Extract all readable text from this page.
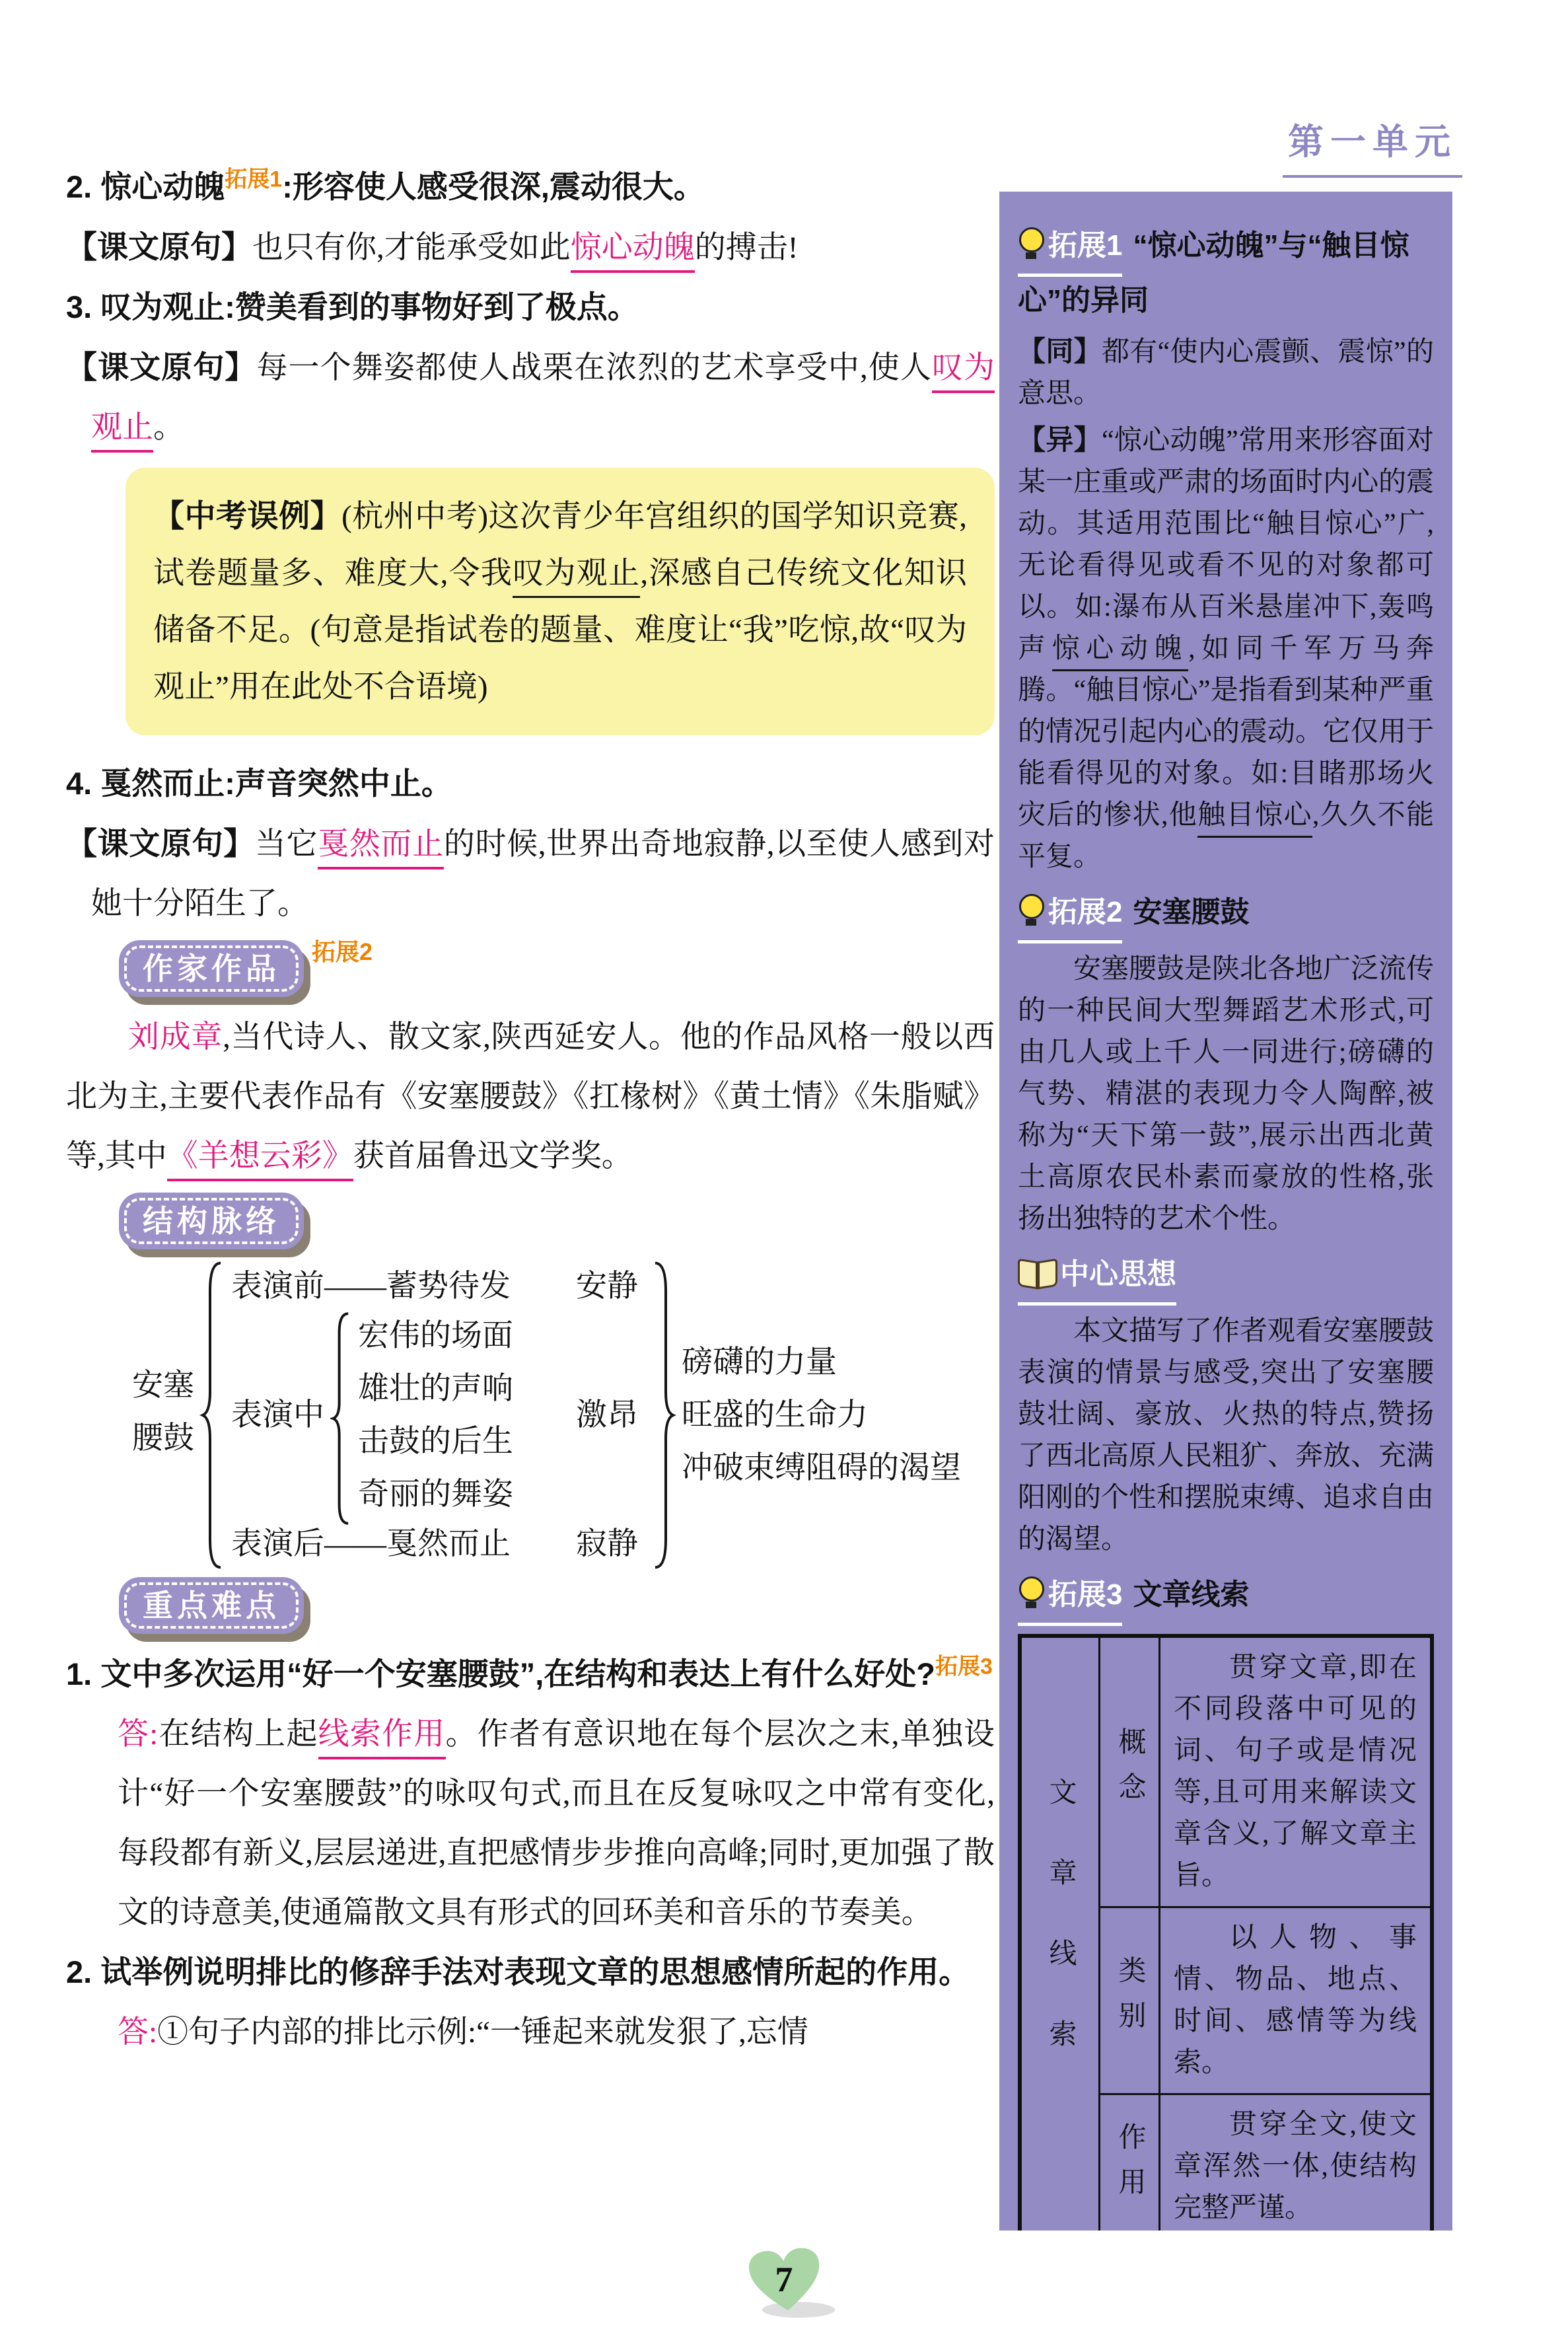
第一单元
2. 惊心动魄$^{拓展1}$:形容使人感受很深,震动很大。
【课文原句】也只有你,才能承受如此惊心动魄的搏击!
3. 叹为观止:赞美看到的事物好到了极点。
【课文原句】每一个舞姿都使人战栗在浓烈的艺术享受中,使人叹为观止。
【中考误例】(杭州中考)这次青少年宫组织的国学知识竞赛,试卷题量多、难度大,令我叹为观止,深感自己传统文化知识储备不足。(句意是指试卷的题量、难度让“我”吃惊,故“叹为观止”用在此处不合语境)
4. 戛然而止:声音突然中止。
【课文原句】当它戛然而止的时候,世界出奇地寂静,以至使人感到对她十分陌生了。
作家作品 拓展2
刘成章,当代诗人、散文家,陕西延安人。他的作品风格一般以西北为主,主要代表作品有《安塞腰鼓》《扛椽树》《黄土情》《朱脂赋》等,其中《羊想云彩》获首届鲁迅文学奖。
结构脉络
安塞
腰鼓
表演前——蓄势待发
表演中
宏伟的场面
雄壮的声响
击鼓的后生
奇丽的舞姿
表演后——戛然而止
安静
激昂
寂静
磅礴的力量
旺盛的生命力
冲破束缚阻碍的渴望
重点难点
1. 文中多次运用“好一个安塞腰鼓”,在结构和表达上有什么好处?$^{拓展3}$
答:在结构上起线索作用。作者有意识地在每个层次之末,单独设计“好一个安塞腰鼓”的咏叹句式,而且在反复咏叹之中常有变化,每段都有新义,层层递进,直把感情步步推向高峰;同时,更加强了散文的诗意美,使通篇散文具有形式的回环美和音乐的节奏美。
2. 试举例说明排比的修辞手法对表现文章的思想感情所起的作用。
答:①句子内部的排比示例:“一锤起来就发狠了,忘情
拓展1 “惊心动魄”与“触目惊心”的异同

【同】都有“使内心震颤、震惊”的意思。

【异】“惊心动魄”常用来形容面对某一庄重或严肃的场面时内心的震动。其适用范围比“触目惊心”广,无论看得见或看不见的对象都可以。如:瀑布从百米悬崖冲下,轰鸣声惊心动魄,如同千军万马奔腾。“触目惊心”是指看到某种严重的情况引起内心的震动。它仅用于能看得见的对象。如:目睹那场火灾后的惨状,他触目惊心,久久不能平复。

拓展2 安塞腰鼓

安塞腰鼓是陕北各地广泛流传的一种民间大型舞蹈艺术形式,可由几人或上千人一同进行;磅礴的气势、精湛的表现力令人陶醉,被称为“天下第一鼓”,展示出西北黄土高原农民朴素而豪放的性格,张扬出独特的艺术个性。

中心思想

本文描写了作者观看安塞腰鼓表演的情景与感受,突出了安塞腰鼓壮阔、豪放、火热的特点,赞扬了西北高原人民粗犷、奔放、充满阳刚的个性和摆脱束缚、追求自由的渴望。

拓展3 文章线索
文章线索	概念	贯穿文章,即在不同段落中可见的词、句子或是情况等,且可用来解读文章含义,了解文章主旨。
	类别	以人物、事情、物品、地点、时间、感情等为线索。
	作用	贯穿全文,使文章浑然一体,使结构完整严谨。
7
